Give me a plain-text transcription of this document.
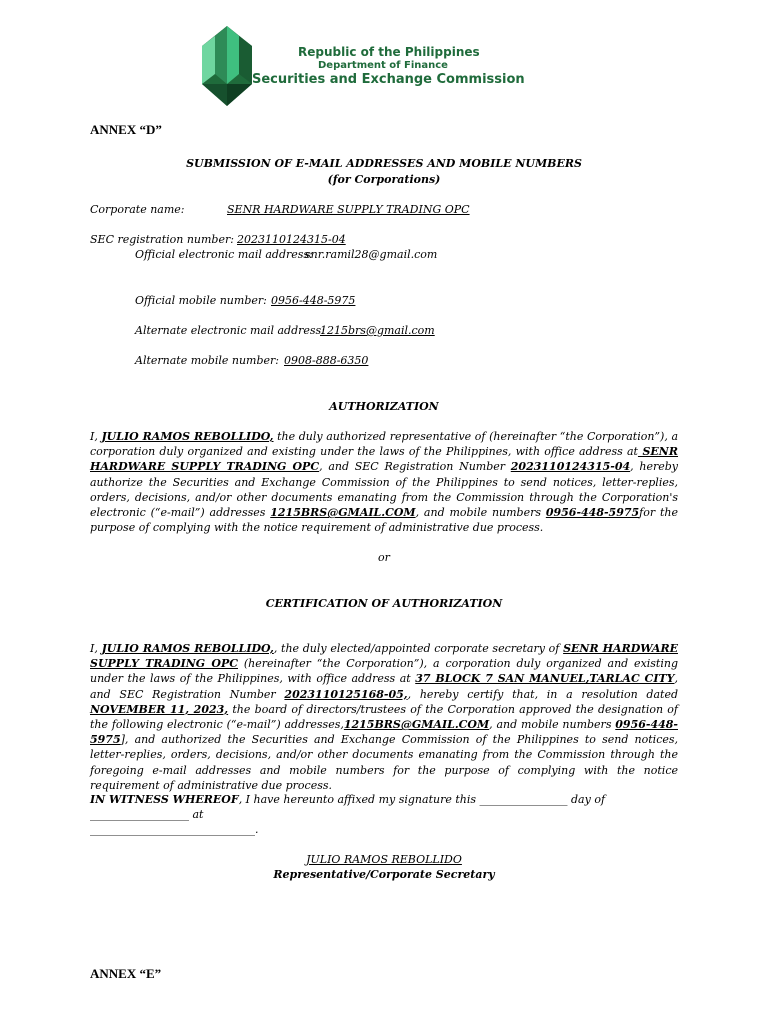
Republic of the Philippines
Department of Finance
Securities and Exchange Commission
ANNEX “D”
SUBMISSION OF E-MAIL ADDRESSES AND MOBILE NUMBERS
(for Corporations)
Corporate name:	SENR HARDWARE SUPPLY TRADING OPC
SEC registration number: 2023110124315-04
Official electronic mail address:
snr.ramil28@gmail.com
Official mobile number: 0956-448-5975
Alternate electronic mail address:
1215brs@gmail.com
Alternate mobile number: 0908-888-6350
AUTHORIZATION
I, JULIO RAMOS REBOLLIDO, the duly authorized representative of (hereinafter “the Corporation”), a corporation duly organized and existing under the laws of the Philippines, with office address at SENR HARDWARE SUPPLY TRADING OPC, and SEC Registration Number 2023110124315-04, hereby authorize the Securities and Exchange Commission of the Philippines to send notices, letter-replies, orders, decisions, and/or other documents emanating from the Commission through the Corporation's electronic (“e-mail”) addresses 1215BRS@GMAIL.COM, and mobile numbers 0956-448-5975for the purpose of complying with the notice requirement of administrative due process.
or
CERTIFICATION OF AUTHORIZATION
I, JULIO RAMOS REBOLLIDO,, the duly elected/appointed corporate secretary of SENR HARDWARE SUPPLY TRADING OPC (hereinafter “the Corporation”), a corporation duly organized and existing under the laws of the Philippines, with office address at 37 BLOCK 7 SAN MANUEL,TARLAC CITY, and SEC Registration Number 2023110125168-05,, hereby certify that, in a resolution dated NOVEMBER 11, 2023, the board of directors/trustees of the Corporation approved the designation of the following electronic (“e-mail”) addresses,1215BRS@GMAIL.COM, and mobile numbers 0956-448-5975], and authorized the Securities and Exchange Commission of the Philippines to send notices, letter-replies, orders, decisions, and/or other documents emanating from the Commission through the foregoing e-mail addresses and mobile numbers for the purpose of complying with the notice requirement of administrative due process.
IN WITNESS WHEREOF, I have hereunto affixed my signature this ________________ day of __________________ at
______________________________.
JULIO RAMOS REBOLLIDO
Representative/Corporate Secretary
ANNEX “E”
